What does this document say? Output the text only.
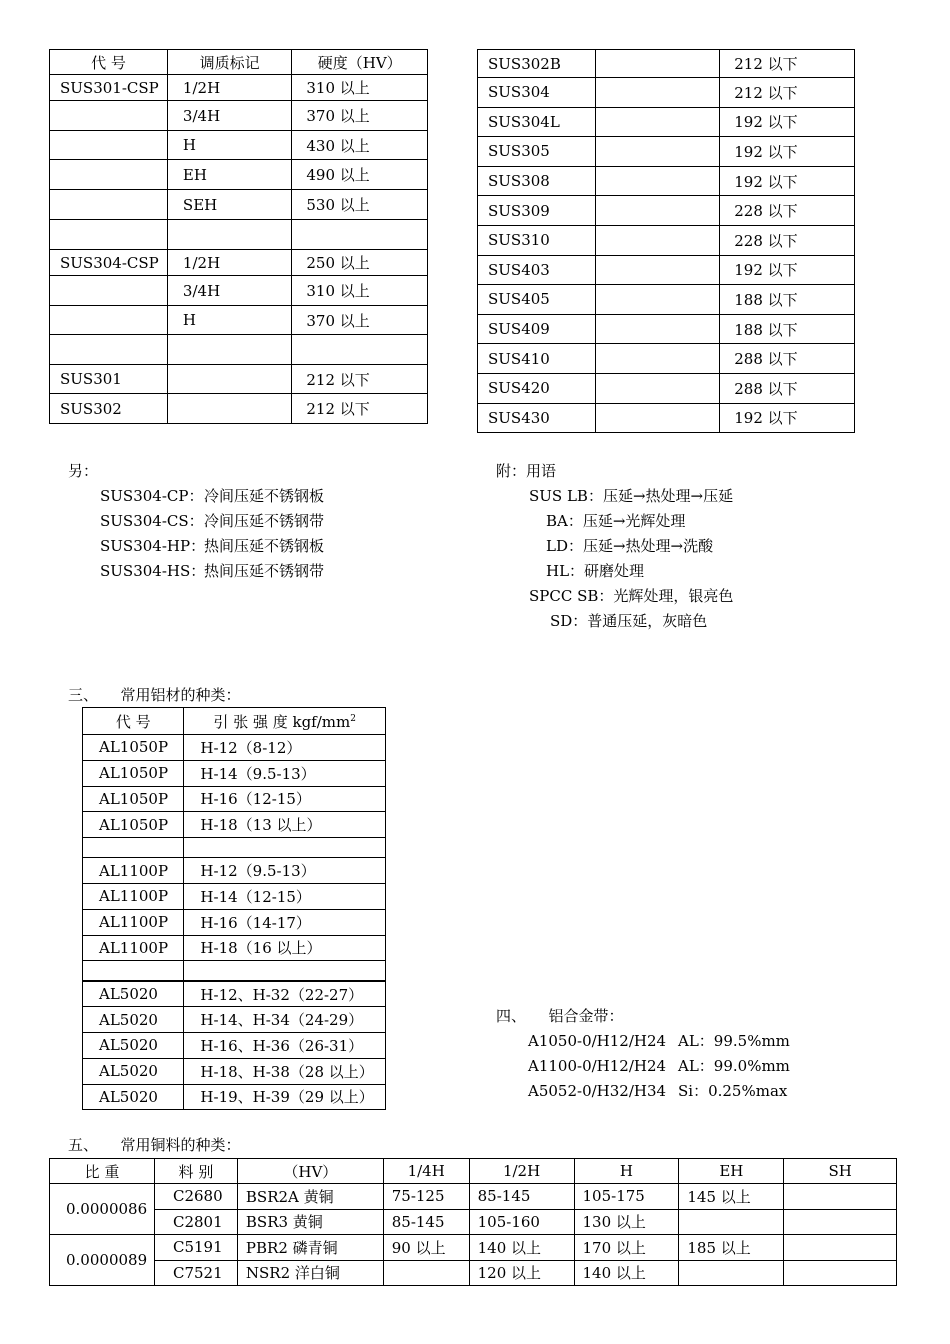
代 号	调质标记	硬度（HV）
SUS301-CSP	1/2H	310 以上
	3/4H	370 以上
	H	430 以上
	EH	490 以上
	SEH	530 以上

SUS304-CSP	1/2H	250 以上
	3/4H	310 以上
	H	370 以上

SUS301		212 以下
SUS302		212 以下
SUS302B		212 以下
SUS304		212 以下
SUS304L		192 以下
SUS305		192 以下
SUS308		192 以下
SUS309		228 以下
SUS310		228 以下
SUS403		192 以下
SUS405		188 以下
SUS409		188 以下
SUS410		288 以下
SUS420		288 以下
SUS430		192 以下
另：
SUS304-CP：冷间压延不锈钢板
SUS304-CS：冷间压延不锈钢带
SUS304-HP：热间压延不锈钢板
SUS304-HS：热间压延不锈钢带
附：用语
SUS LB：压延→热处理→压延
BA：压延→光辉处理
LD：压延→热处理→洗酸
HL：研磨处理
SPCC SB：光辉处理，银亮色
SD：普通压延，灰暗色
三、　　常用铝材的种类：
代 号	引 张 强 度 kgf/$mm^2$
AL1050P	H-12（8-12）
AL1050P	H-14（9.5-13）
AL1050P	H-16（12-15）
AL1050P	H-18（13 以上）

AL1100P	H-12（9.5-13）
AL1100P	H-14（12-15）
AL1100P	H-16（14-17）
AL1100P	H-18（16 以上）

AL5020	H-12、H-32（22-27）
AL5020	H-14、H-34（24-29）
AL5020	H-16、H-36（26-31）
AL5020	H-18、H-38（28 以上）
AL5020	H-19、H-39（29 以上）
四、　　铝合金带：
A1050-0/H12/H24 AL：99.5%mm
A1100-0/H12/H24 AL：99.0%mm
A5052-0/H32/H34 Si：0.25%max
五、　　常用铜料的种类：
比 重	料 别	（HV）	1/4H	1/2H	H	EH	SH
0.0000086	C2680	BSR2A 黄铜	75-125	85-145	105-175	145 以上	
	C2801	BSR3 黄铜	85-145	105-160	130 以上		
0.0000089	C5191	PBR2 磷青铜	90 以上	140 以上	170 以上	185 以上	
	C7521	NSR2 洋白铜		120 以上	140 以上		
